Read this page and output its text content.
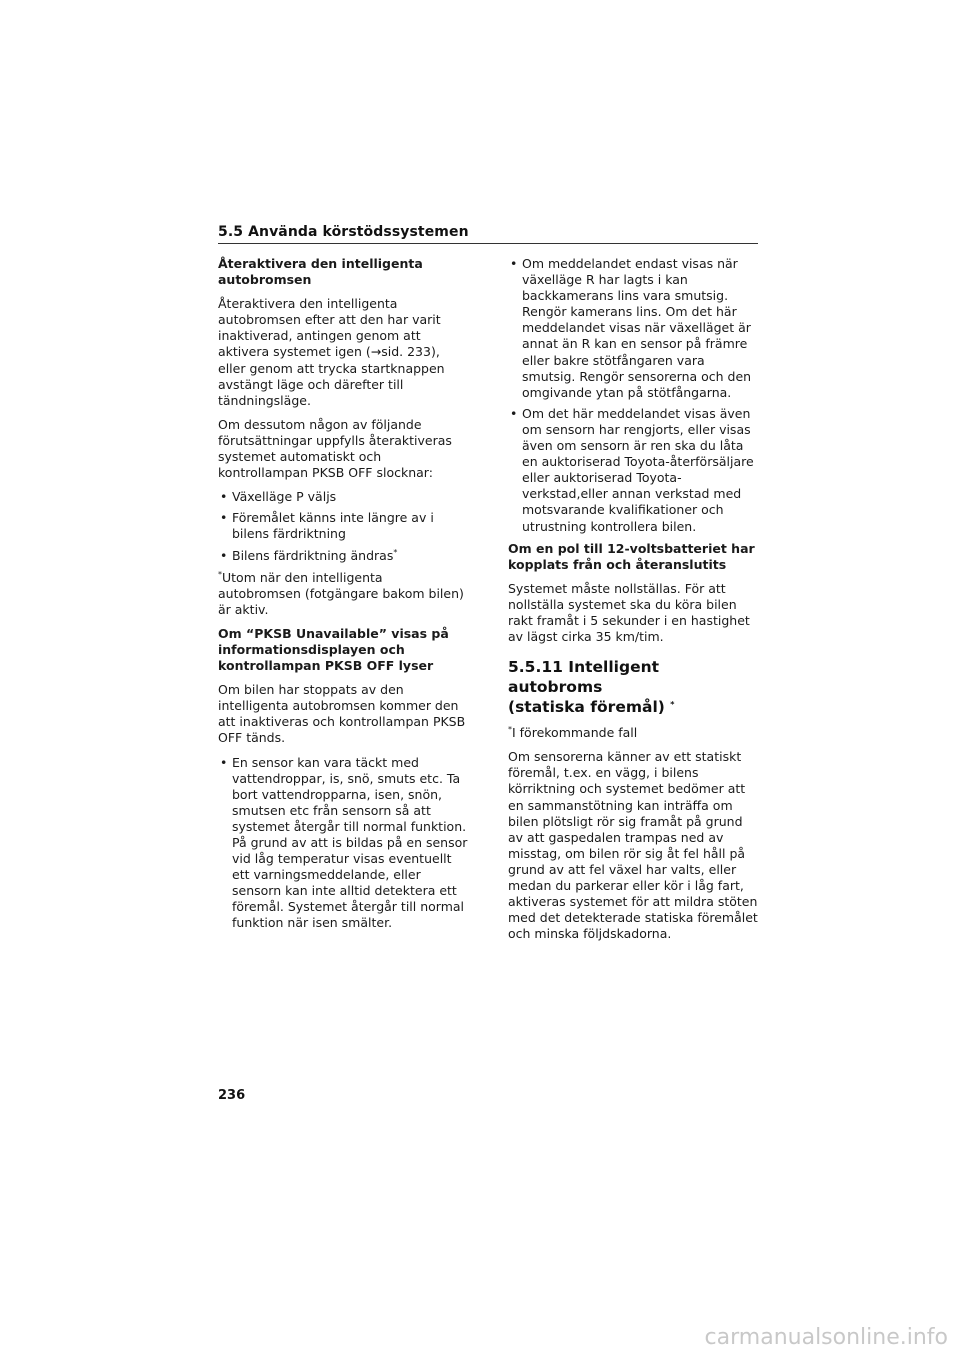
5.5 Använda körstödssystemen
Återaktivera den intelligenta autobromsen
Återaktivera den intelligenta autobromsen efter att den har varit inaktiverad, antingen genom att aktivera systemet igen (→sid. 233), eller genom att trycka startknappen avstängt läge och därefter till tändningsläge.
Om dessutom någon av följande förutsättningar uppfylls återaktiveras systemet automatiskt och kontrollampan PKSB OFF slocknar:
• Växelläge P väljs
• Föremålet känns inte längre av i bilens färdriktning
• Bilens färdriktning ändras*
*Utom när den intelligenta autobromsen (fotgängare bakom bilen) är aktiv.
Om “PKSB Unavailable” visas på informationsdisplayen och kontrollampan PKSB OFF lyser
Om bilen har stoppats av den intelligenta autobromsen kommer den att inaktiveras och kontrollampan PKSB OFF tänds.
• En sensor kan vara täckt med vattendroppar, is, snö, smuts etc. Ta bort vattendropparna, isen, snön, smutsen etc från sensorn så att systemet återgår till normal funktion. På grund av att is bildas på en sensor vid låg temperatur visas eventuellt ett varningsmeddelande, eller sensorn kan inte alltid detektera ett föremål. Systemet återgår till normal funktion när isen smälter.
• Om meddelandet endast visas när växelläge R har lagts i kan backkamerans lins vara smutsig. Rengör kamerans lins. Om det här meddelandet visas när växelläget är annat än R kan en sensor på främre eller bakre stötfångaren vara smutsig. Rengör sensorerna och den omgivande ytan på stötfångarna.
• Om det här meddelandet visas även om sensorn har rengjorts, eller visas även om sensorn är ren ska du låta en auktoriserad Toyota-återförsäljare eller auktoriserad Toyota-verkstad,eller annan verkstad med motsvarande kvalifikationer och utrustning kontrollera bilen.
Om en pol till 12-voltsbatteriet har kopplats från och återanslutits
Systemet måste nollställas. För att nollställa systemet ska du köra bilen rakt framåt i 5 sekunder i en hastighet av lägst cirka 35 km/tim.
5.5.11 Intelligent autobroms
(statiska föremål) *
*I förekommande fall
Om sensorerna känner av ett statiskt föremål, t.ex. en vägg, i bilens körriktning och systemet bedömer att en sammanstötning kan inträffa om bilen plötsligt rör sig framåt på grund av att gaspedalen trampas ned av misstag, om bilen rör sig åt fel håll på grund av att fel växel har valts, eller medan du parkerar eller kör i låg fart, aktiveras systemet för att mildra stöten med det detekterade statiska föremålet och minska följdskadorna.
236
carmanualsonline.info
